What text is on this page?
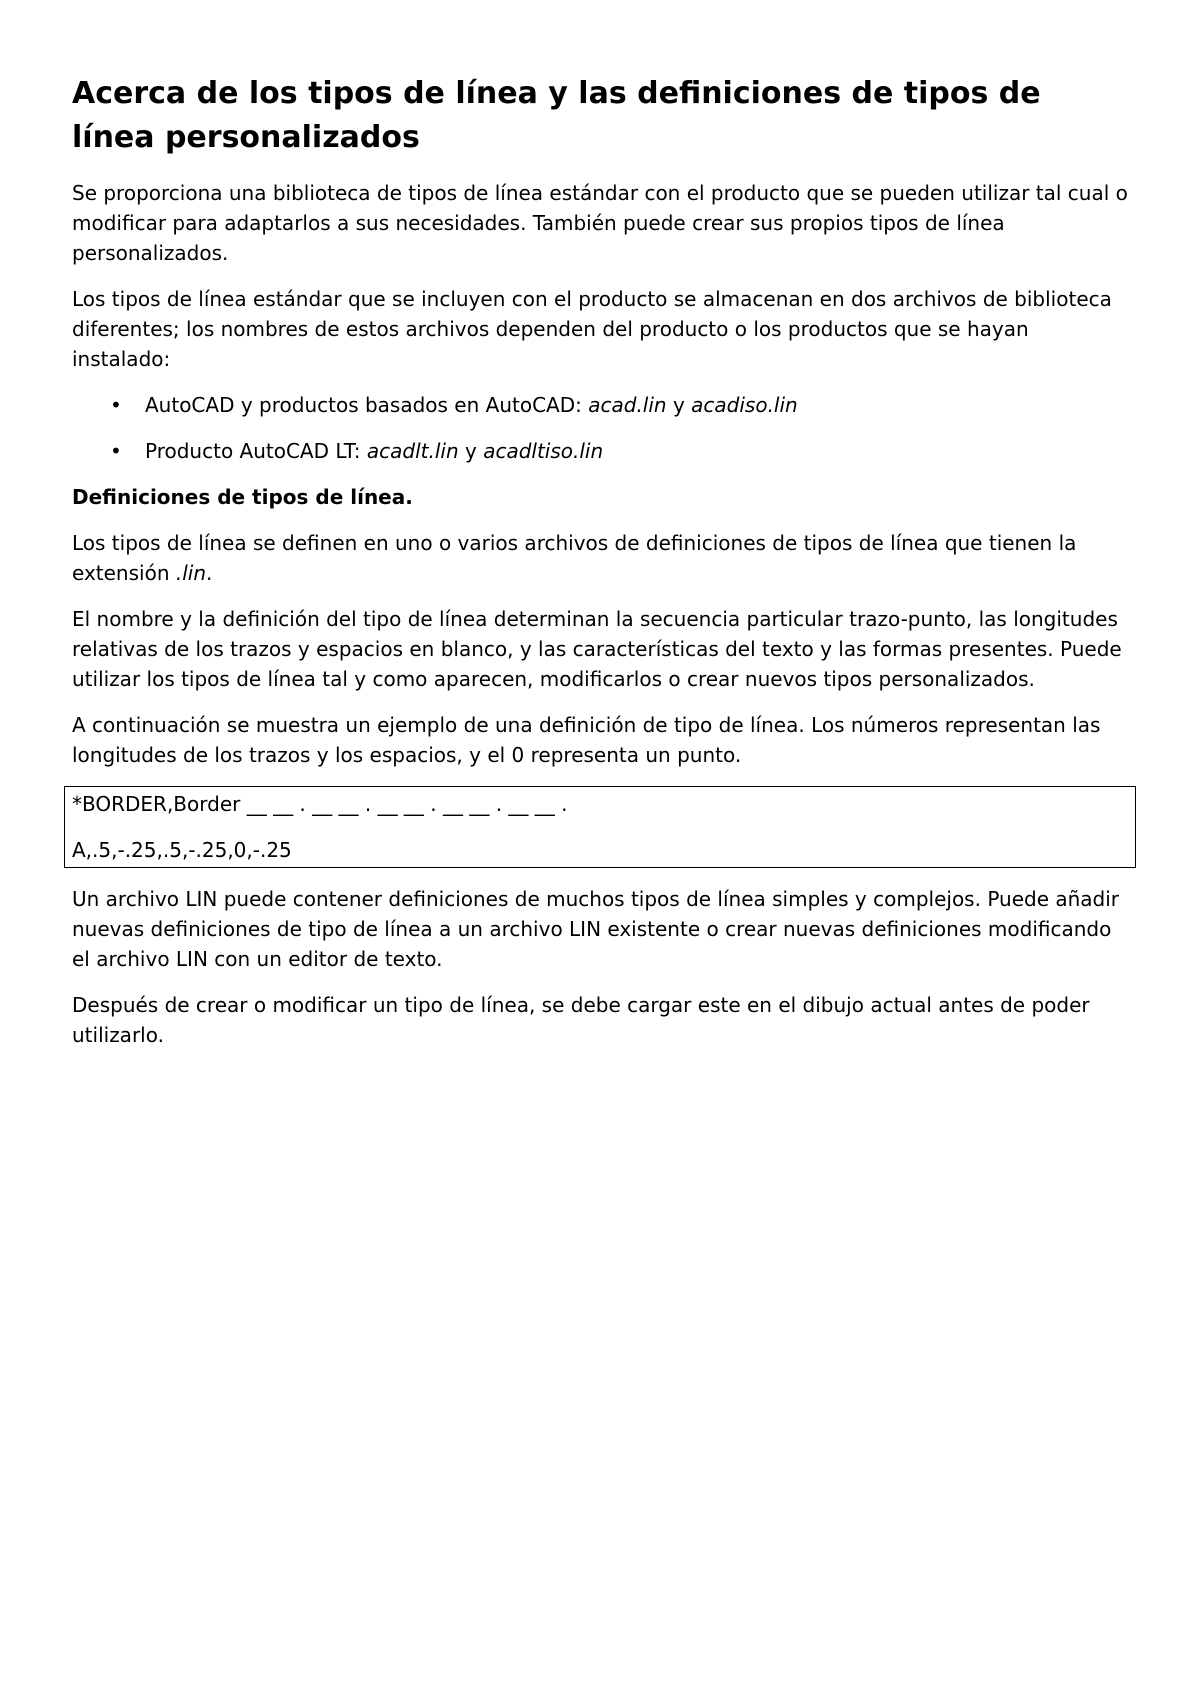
Acerca de los tipos de línea y las definiciones de tipos de línea personalizados

Se proporciona una biblioteca de tipos de línea estándar con el producto que se pueden utilizar tal cual o modificar para adaptarlos a sus necesidades. También puede crear sus propios tipos de línea personalizados.

Los tipos de línea estándar que se incluyen con el producto se almacenan en dos archivos de biblioteca diferentes; los nombres de estos archivos dependen del producto o los productos que se hayan instalado:

• AutoCAD y productos basados en AutoCAD: acad.lin y acadiso.lin
• Producto AutoCAD LT: acadlt.lin y acadltiso.lin
Definiciones de tipos de línea.

Los tipos de línea se definen en uno o varios archivos de definiciones de tipos de línea que tienen la extensión .lin.

El nombre y la definición del tipo de línea determinan la secuencia particular trazo-punto, las longitudes relativas de los trazos y espacios en blanco, y las características del texto y las formas presentes. Puede utilizar los tipos de línea tal y como aparecen, modificarlos o crear nuevos tipos personalizados.

A continuación se muestra un ejemplo de una definición de tipo de línea. Los números representan las longitudes de los trazos y los espacios, y el 0 representa un punto.

*BORDER,Border __ __ . __ __ . __ __ . __ __ . __ __ .

A,.5,-.25,.5,-.25,0,-.25

Un archivo LIN puede contener definiciones de muchos tipos de línea simples y complejos. Puede añadir nuevas definiciones de tipo de línea a un archivo LIN existente o crear nuevas definiciones modificando el archivo LIN con un editor de texto.

Después de crear o modificar un tipo de línea, se debe cargar este en el dibujo actual antes de poder utilizarlo.
